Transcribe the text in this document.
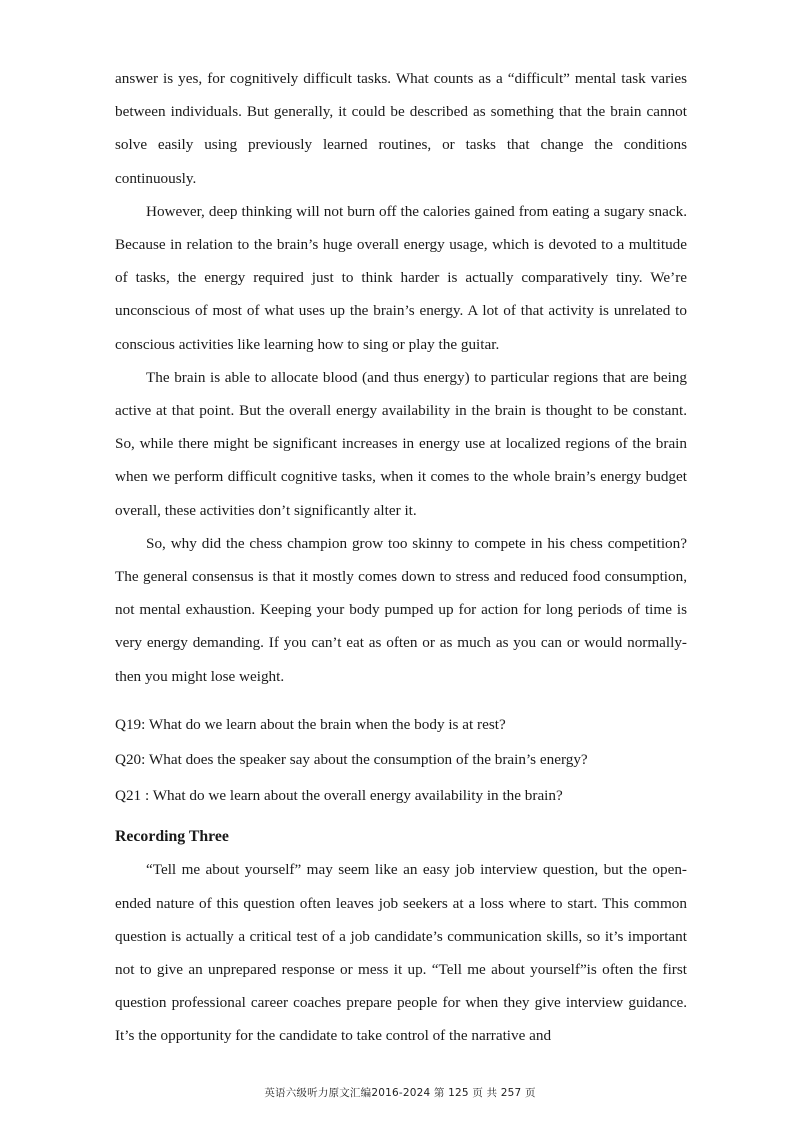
answer is yes, for cognitively difficult tasks. What counts as a “difficult” mental task varies between individuals. But generally, it could be described as something that the brain cannot solve easily using previously learned routines, or tasks that change the conditions continuously.

However, deep thinking will not burn off the calories gained from eating a sugary snack. Because in relation to the brain’s huge overall energy usage, which is devoted to a multitude of tasks, the energy required just to think harder is actually comparatively tiny. We’re unconscious of most of what uses up the brain’s energy. A lot of that activity is unrelated to conscious activities like learning how to sing or play the guitar.

The brain is able to allocate blood (and thus energy) to particular regions that are being active at that point. But the overall energy availability in the brain is thought to be constant. So, while there might be significant increases in energy use at localized regions of the brain when we perform difficult cognitive tasks, when it comes to the whole brain’s energy budget overall, these activities don’t significantly alter it.

So, why did the chess champion grow too skinny to compete in his chess competition? The general consensus is that it mostly comes down to stress and reduced food consumption, not mental exhaustion. Keeping your body pumped up for action for long periods of time is very energy demanding. If you can’t eat as often or as much as you can or would normally-then you might lose weight.

Q19: What do we learn about the brain when the body is at rest?

Q20: What does the speaker say about the consumption of the brain’s energy?

Q21 : What do we learn about the overall energy availability in the brain?

Recording Three

“Tell me about yourself” may seem like an easy job interview question, but the open-ended nature of this question often leaves job seekers at a loss where to start. This common question is actually a critical test of a job candidate’s communication skills, so it’s important not to give an unprepared response or mess it up. “Tell me about yourself”is often the first question professional career coaches prepare people for when they give interview guidance. It’s the opportunity for the candidate to take control of the narrative and

英语六级听力原文汇编2016-2024 第 125 页 共 257 页
